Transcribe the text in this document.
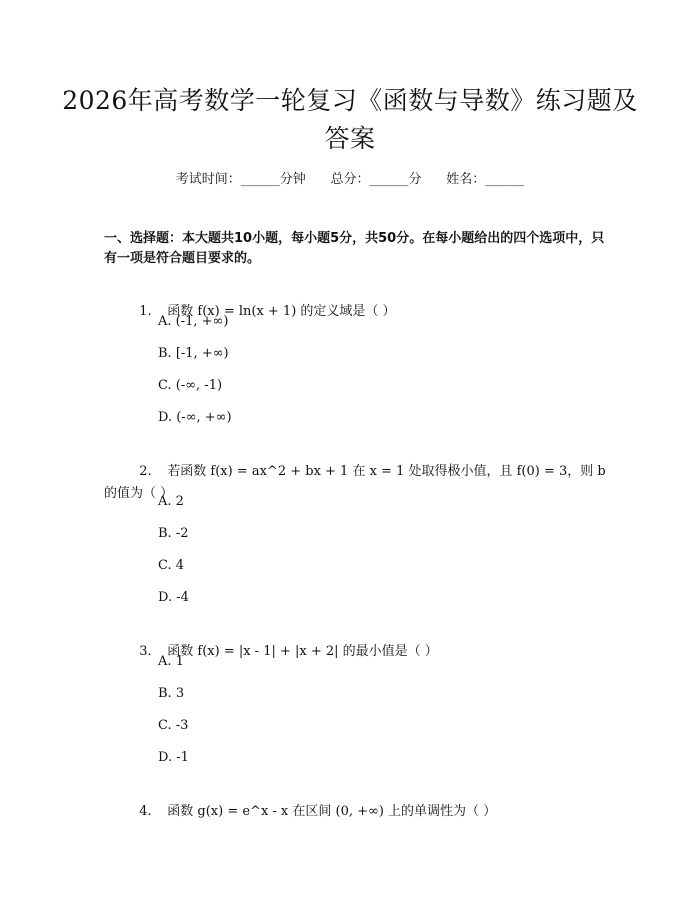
2026年高考数学一轮复习《函数与导数》练习题及答案
考试时间：______分钟      总分：______分      姓名：______
一、选择题：本大题共10小题，每小题5分，共50分。在每小题给出的四个选项中，只有一项是符合题目要求的。

1. 函数 f(x) = ln(x + 1) 的定义域是（ ）

A. (-1, +∞)
B. [-1, +∞)
C. (-∞, -1)
D. (-∞, +∞)

2. 若函数 f(x) = ax^2 + bx + 1 在 x = 1 处取得极小值，且 f(0) = 3，则 b 的值为（ ）

A. 2
B. -2
C. 4
D. -4

3. 函数 f(x) = |x - 1| + |x + 2| 的最小值是（ ）

A. 1
B. 3
C. -3
D. -1

4. 函数 g(x) = e^x - x 在区间 (0, +∞) 上的单调性为（ ）
